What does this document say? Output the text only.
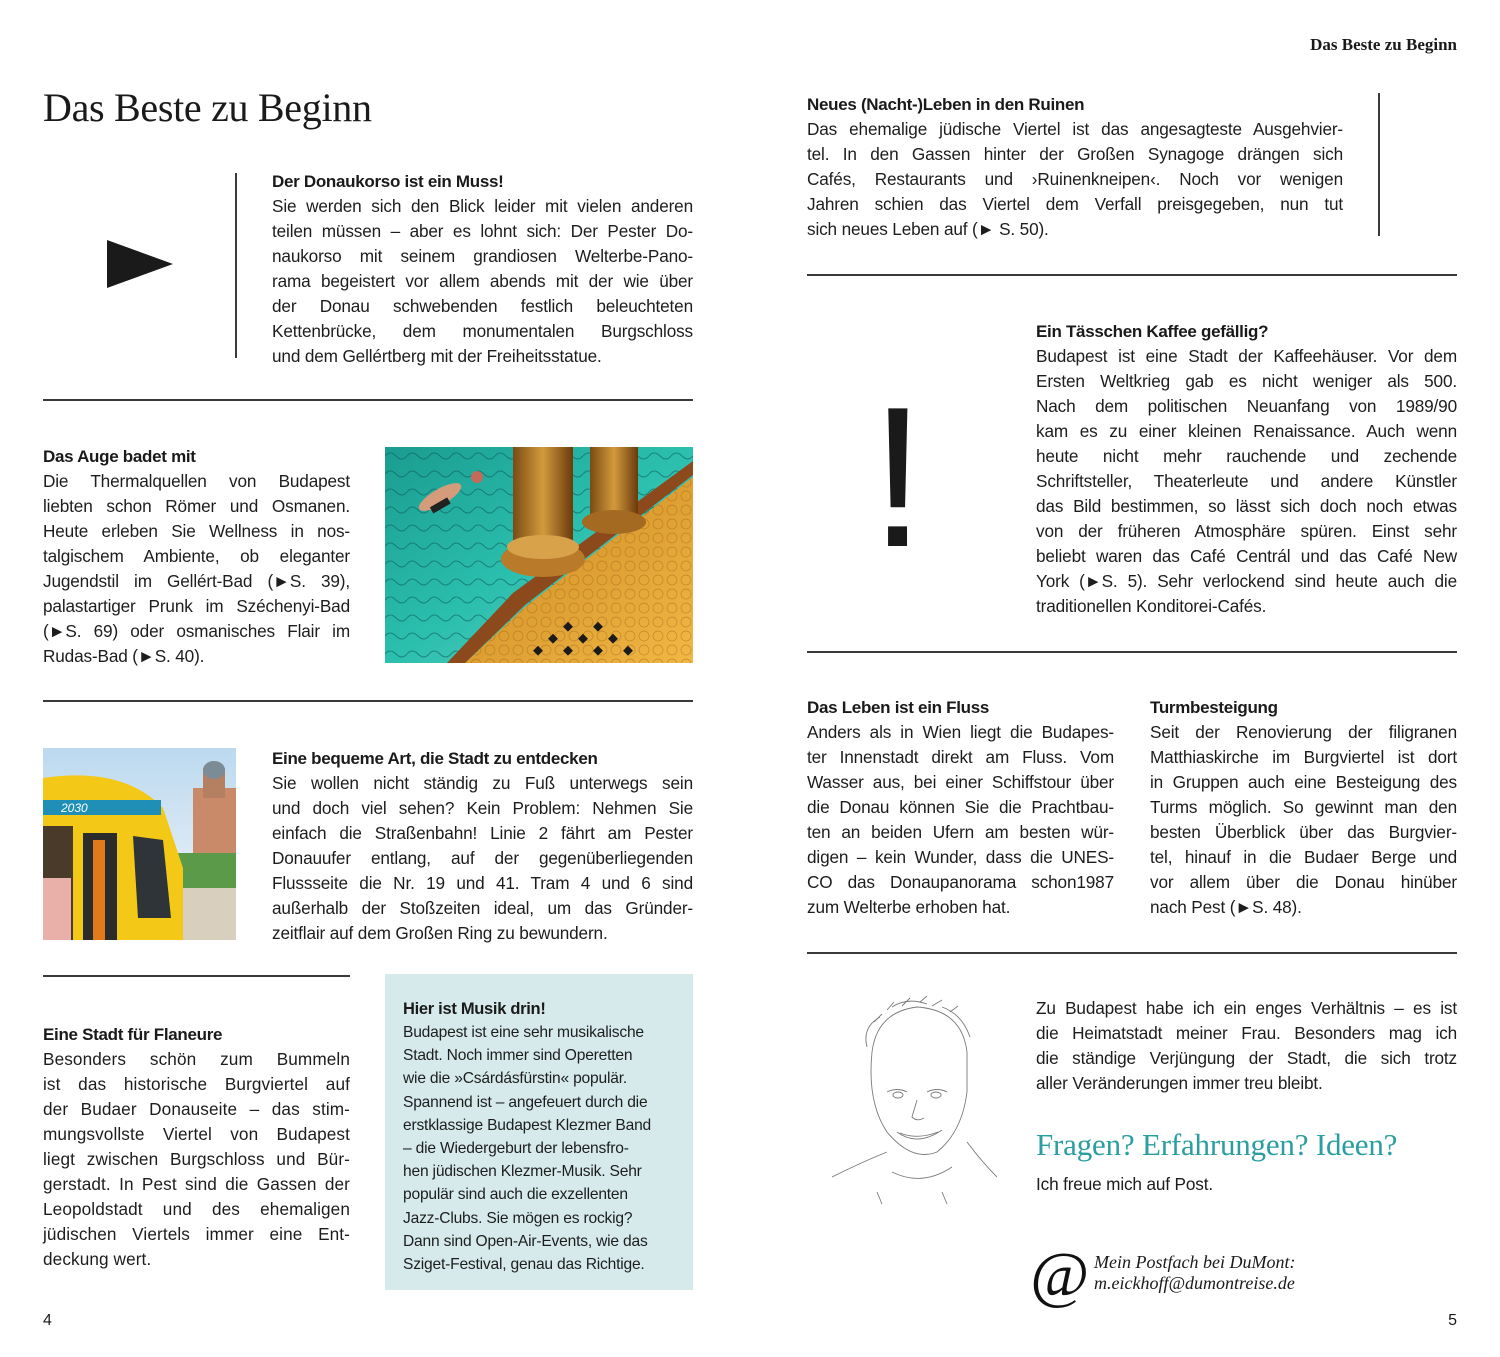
Das Beste zu Beginn
Der Donaukorso ist ein Muss!
Sie werden sich den Blick leider mit vielen anderen
teilen müssen – aber es lohnt sich: Der Pester Do-
naukorso mit seinem grandiosen Welterbe-Pano-
rama begeistert vor allem abends mit der wie über
der Donau schwebenden festlich beleuchteten
Kettenbrücke, dem monumentalen Burgschloss
und dem Gellértberg mit der Freiheitsstatue.
Das Auge badet mit
Die Thermalquellen von Budapest
liebten schon Römer und Osmanen.
Heute erleben Sie Wellness in nos-
talgischem Ambiente, ob eleganter
Jugendstil im Gellért-Bad (►S. 39),
palastartiger Prunk im Széchenyi-Bad
(►S. 69) oder osmanisches Flair im
Rudas-Bad (►S. 40).
2030
Eine bequeme Art, die Stadt zu entdecken
Sie wollen nicht ständig zu Fuß unterwegs sein
und doch viel sehen? Kein Problem: Nehmen Sie
einfach die Straßenbahn! Linie 2 fährt am Pester
Donauufer entlang, auf der gegenüberliegenden
Flussseite die Nr. 19 und 41. Tram 4 und 6 sind
außerhalb der Stoßzeiten ideal, um das Gründer-
zeitflair auf dem Großen Ring zu bewundern.
Eine Stadt für Flaneure
Besonders schön zum Bummeln
ist das historische Burgviertel auf
der Budaer Donauseite – das stim-
mungsvollste Viertel von Budapest
liegt zwischen Burgschloss und Bür-
gerstadt. In Pest sind die Gassen der
Leopoldstadt und des ehemaligen
jüdischen Viertels immer eine Ent-
deckung wert.
Hier ist Musik drin!
Budapest ist eine sehr musikalische
Stadt. Noch immer sind Operetten
wie die »Csárdásfürstin« populär.
Spannend ist – angefeuert durch die
erstklassige Budapest Klezmer Band
– die Wiedergeburt der lebensfro-
hen jüdischen Klezmer-Musik. Sehr
populär sind auch die exzellenten
Jazz-Clubs. Sie mögen es rockig?
Dann sind Open-Air-Events, wie das
Sziget-Festival, genau das Richtige.
4
Das Beste zu Beginn
Neues (Nacht-)Leben in den Ruinen
Das ehemalige jüdische Viertel ist das angesagteste Ausgehvier-
tel. In den Gassen hinter der Großen Synagoge drängen sich
Cafés, Restaurants und ›Ruinenkneipen‹. Noch vor wenigen
Jahren schien das Viertel dem Verfall preisgegeben, nun tut
sich neues Leben auf (► S. 50).
!
Ein Tässchen Kaffee gefällig?
Budapest ist eine Stadt der Kaffeehäuser. Vor dem
Ersten Weltkrieg gab es nicht weniger als 500.
Nach dem politischen Neuanfang von 1989/90
kam es zu einer kleinen Renaissance. Auch wenn
heute nicht mehr rauchende und zechende
Schriftsteller, Theaterleute und andere Künstler
das Bild bestimmen, so lässt sich doch noch etwas
von der früheren Atmosphäre spüren. Einst sehr
beliebt waren das Café Centrál und das Café New
York (►S. 5). Sehr verlockend sind heute auch die
traditionellen Konditorei-Cafés.
Das Leben ist ein Fluss
Anders als in Wien liegt die Budapes-
ter Innenstadt direkt am Fluss. Vom
Wasser aus, bei einer Schiffstour über
die Donau können Sie die Prachtbau-
ten an beiden Ufern am besten wür-
digen – kein Wunder, dass die UNES-
CO das Donaupanorama schon1987
zum Welterbe erhoben hat.
Turmbesteigung
Seit der Renovierung der filigranen
Matthiaskirche im Burgviertel ist dort
in Gruppen auch eine Besteigung des
Turms möglich. So gewinnt man den
besten Überblick über das Burgvier-
tel, hinauf in die Budaer Berge und
vor allem über die Donau hinüber
nach Pest (►S. 48).
Zu Budapest habe ich ein enges Verhältnis – es ist
die Heimatstadt meiner Frau. Besonders mag ich
die ständige Verjüngung der Stadt, die sich trotz
aller Veränderungen immer treu bleibt.
Fragen? Erfahrungen? Ideen?
Ich freue mich auf Post.
@ Mein Postfach bei DuMont:
m.eickhoff@dumontreise.de
5
